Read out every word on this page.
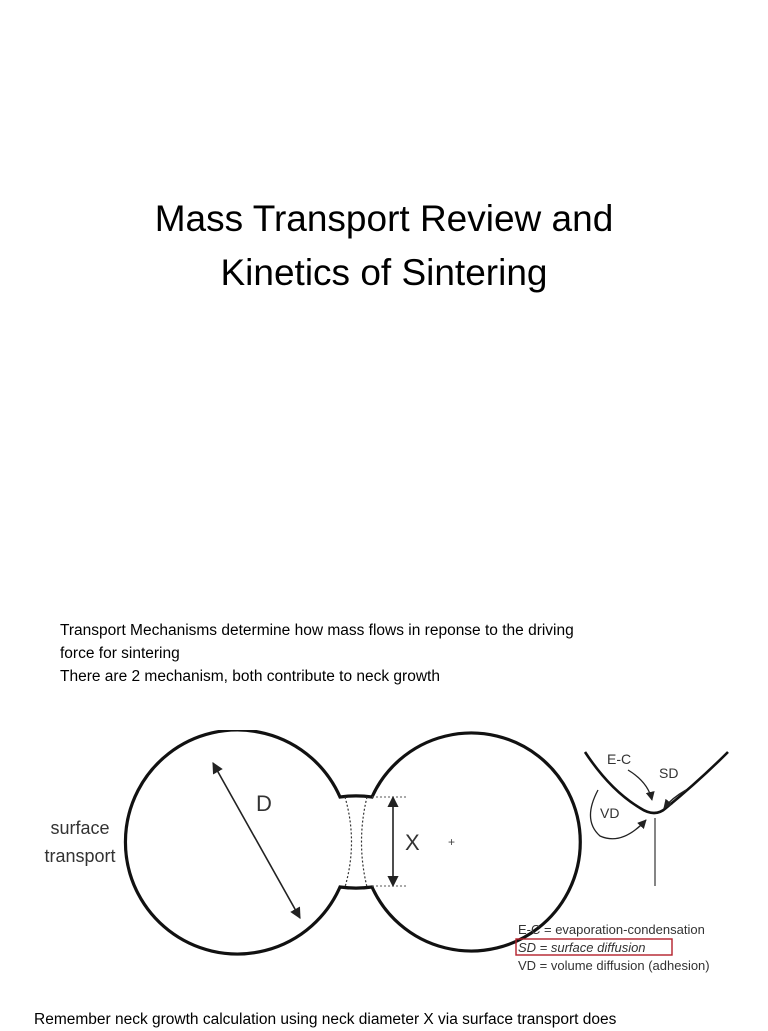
Mass Transport Review and
Kinetics of Sintering
Transport Mechanisms determine how mass flows in reponse to the driving
force for sintering
There are 2 mechanism, both contribute to neck growth
surface
transport
D
X +
E-C
SD
VD
E-C = evaporation-condensation
SD = surface diffusion
VD = volume diffusion (adhesion)
Remember neck growth calculation using neck diameter X via surface transport does
